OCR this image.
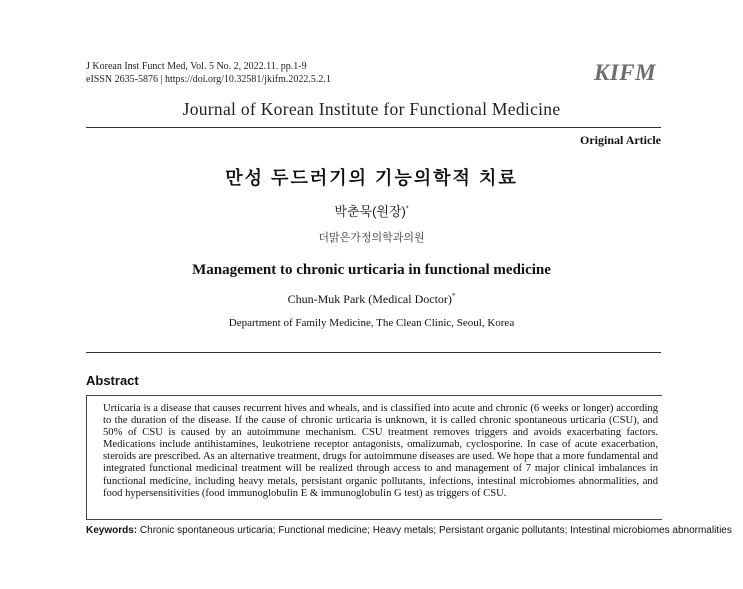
J Korean Inst Funct Med, Vol. 5 No. 2, 2022.11. pp.1-9
eISSN 2635-5876 | https://doi.org/10.32581/jkifm.2022.5.2.1	KIFM
Journal of Korean Institute for Functional Medicine
Original Article
만성 두드러기의 기능의학적 치료
박춘묵(원장)*
더맑은가정의학과의원
Management to chronic urticaria in functional medicine
Chun-Muk Park (Medical Doctor)*
Department of Family Medicine, The Clean Clinic, Seoul, Korea
Abstract
Urticaria is a disease that causes recurrent hives and wheals, and is classified into acute and chronic (6 weeks or longer) according to the duration of the disease. If the cause of chronic urticaria is unknown, it is called chronic spontaneous urticaria (CSU), and 50% of CSU is caused by an autoimmune mechanism. CSU treatment removes triggers and avoids exacerbating factors. Medications include antihistamines, leukotriene receptor antagonists, omalizumab, cyclosporine. In case of acute exacerbation, steroids are prescribed. As an alternative treatment, drugs for autoimmune diseases are used. We hope that a more fundamental and integrated functional medicinal treatment will be realized through access to and management of 7 major clinical imbalances in functional medicine, including heavy metals, persistant organic pollutants, infections, intestinal microbiomes abnormalities, and food hypersensitivities (food immunoglobulin E & immunoglobulin G test) as triggers of CSU.
Keywords: Chronic spontaneous urticaria; Functional medicine; Heavy metals; Persistant organic pollutants; Intestinal microbiomes abnormalities
